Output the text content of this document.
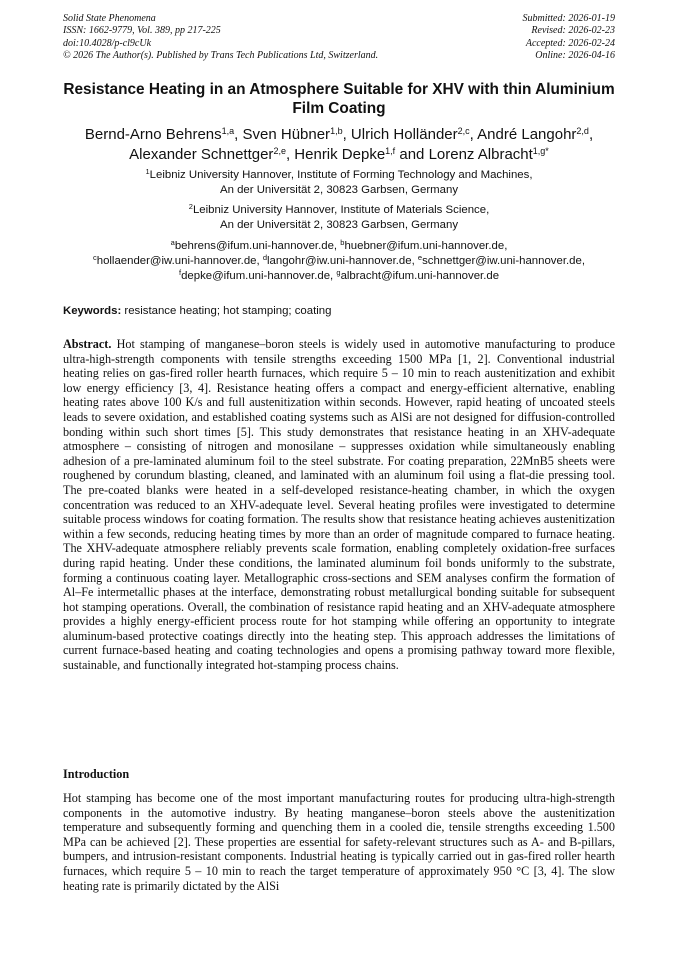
Solid State Phenomena
ISSN: 1662-9779, Vol. 389, pp 217-225
doi:10.4028/p-cl9cUk
© 2026 The Author(s). Published by Trans Tech Publications Ltd, Switzerland.
Submitted: 2026-01-19
Revised: 2026-02-23
Accepted: 2026-02-24
Online: 2026-04-16
Resistance Heating in an Atmosphere Suitable for XHV with thin Aluminium Film Coating
Bernd-Arno Behrens$^{1,a}$, Sven Hübner$^{1,b}$, Ulrich Holländer$^{2,c}$, André Langohr$^{2,d}$,
Alexander Schnettger$^{2,e}$, Henrik Depke$^{1,f}$ and Lorenz Albracht$^{1,g*}$
$^1$Leibniz University Hannover, Institute of Forming Technology and Machines,
An der Universität 2, 30823 Garbsen, Germany
$^2$Leibniz University Hannover, Institute of Materials Science,
An der Universität 2, 30823 Garbsen, Germany
$^a$behrens@ifum.uni-hannover.de, $^b$huebner@ifum.uni-hannover.de,
$^c$hollaender@iw.uni-hannover.de, $^d$langohr@iw.uni-hannover.de, $^e$schnettger@iw.uni-hannover.de,
$^f$depke@ifum.uni-hannover.de, $^g$albracht@ifum.uni-hannover.de
Keywords: resistance heating; hot stamping; coating
Abstract. Hot stamping of manganese–boron steels is widely used in automotive manufacturing to produce ultra-high-strength components with tensile strengths exceeding 1500 MPa [1, 2]. Conventional industrial heating relies on gas-fired roller hearth furnaces, which require 5 – 10 min to reach austenitization and exhibit low energy efficiency [3, 4]. Resistance heating offers a compact and energy-efficient alternative, enabling heating rates above 100 K/s and full austenitization within seconds. However, rapid heating of uncoated steels leads to severe oxidation, and established coating systems such as AlSi are not designed for diffusion-controlled bonding within such short times [5]. This study demonstrates that resistance heating in an XHV-adequate atmosphere – consisting of nitrogen and monosilane – suppresses oxidation while simultaneously enabling adhesion of a pre-laminated aluminum foil to the steel substrate. For coating preparation, 22MnB5 sheets were roughened by corundum blasting, cleaned, and laminated with an aluminum foil using a flat-die pressing tool. The pre-coated blanks were heated in a self-developed resistance-heating chamber, in which the oxygen concentration was reduced to an XHV-adequate level. Several heating profiles were investigated to determine suitable process windows for coating formation. The results show that resistance heating achieves austenitization within a few seconds, reducing heating times by more than an order of magnitude compared to furnace heating. The XHV-adequate atmosphere reliably prevents scale formation, enabling completely oxidation-free surfaces during rapid heating. Under these conditions, the laminated aluminum foil bonds uniformly to the substrate, forming a continuous coating layer. Metallographic cross-sections and SEM analyses confirm the formation of Al–Fe intermetallic phases at the interface, demonstrating robust metallurgical bonding suitable for subsequent hot stamping operations. Overall, the combination of resistance rapid heating and an XHV-adequate atmosphere provides a highly energy-efficient process route for hot stamping while offering an opportunity to integrate aluminum-based protective coatings directly into the heating step. This approach addresses the limitations of current furnace-based heating and coating technologies and opens a promising pathway toward more flexible, sustainable, and functionally integrated hot-stamping process chains.
Introduction
Hot stamping has become one of the most important manufacturing routes for producing ultra-high-strength components in the automotive industry. By heating manganese–boron steels above the austenitization temperature and subsequently forming and quenching them in a cooled die, tensile strengths exceeding 1.500 MPa can be achieved [2]. These properties are essential for safety-relevant structures such as A- and B-pillars, bumpers, and intrusion-resistant components. Industrial heating is typically carried out in gas-fired roller hearth furnaces, which require 5 – 10 min to reach the target temperature of approximately 950 °C [3, 4]. The slow heating rate is primarily dictated by the AlSi
